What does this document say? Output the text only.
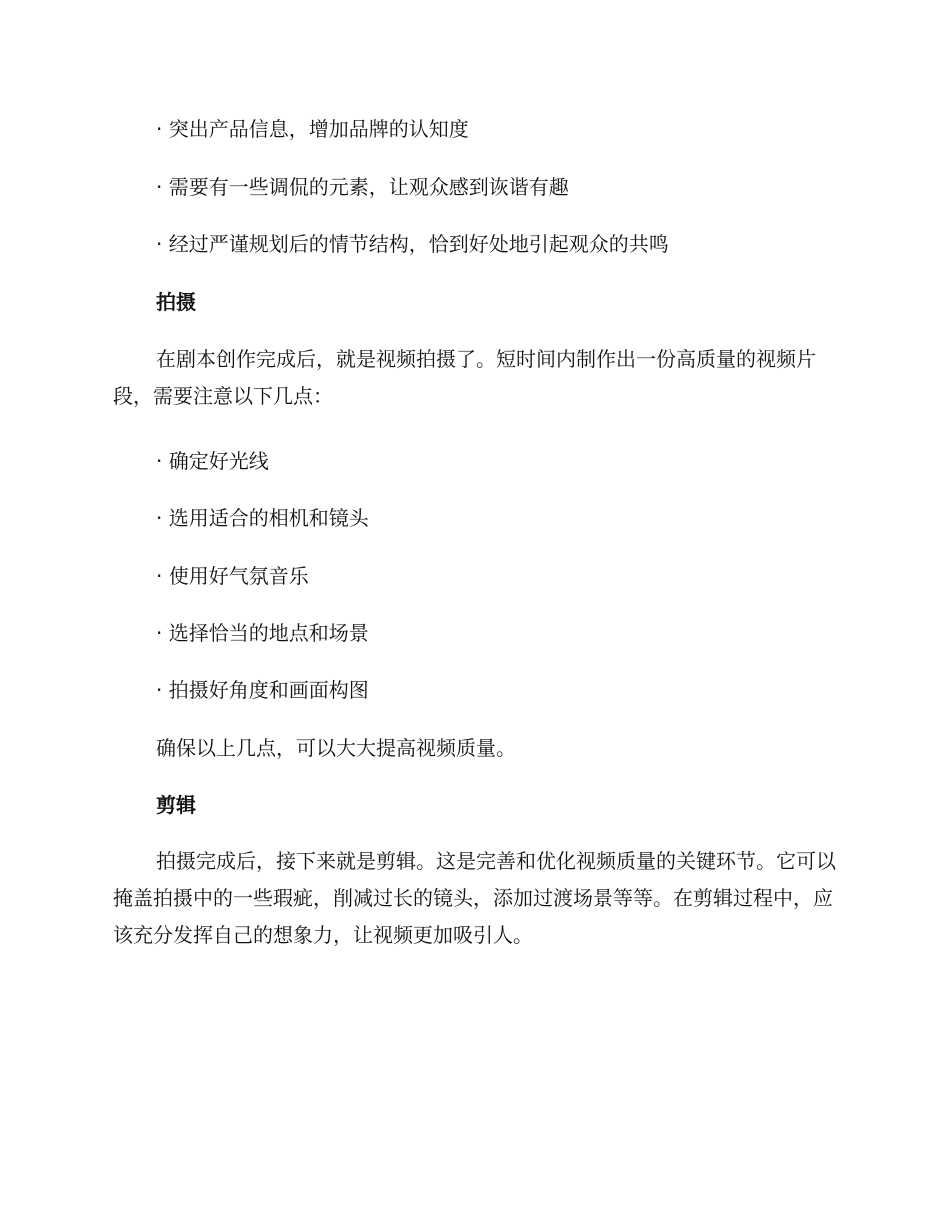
· 突出产品信息，增加品牌的认知度
· 需要有一些调侃的元素，让观众感到诙谐有趣
· 经过严谨规划后的情节结构，恰到好处地引起观众的共鸣
拍摄
在剧本创作完成后，就是视频拍摄了。短时间内制作出一份高质量的视频片段，需要注意以下几点：
· 确定好光线
· 选用适合的相机和镜头
· 使用好气氛音乐
· 选择恰当的地点和场景
· 拍摄好角度和画面构图
确保以上几点，可以大大提高视频质量。
剪辑
拍摄完成后，接下来就是剪辑。这是完善和优化视频质量的关键环节。它可以掩盖拍摄中的一些瑕疵，削减过长的镜头，添加过渡场景等等。在剪辑过程中，应该充分发挥自己的想象力，让视频更加吸引人。
